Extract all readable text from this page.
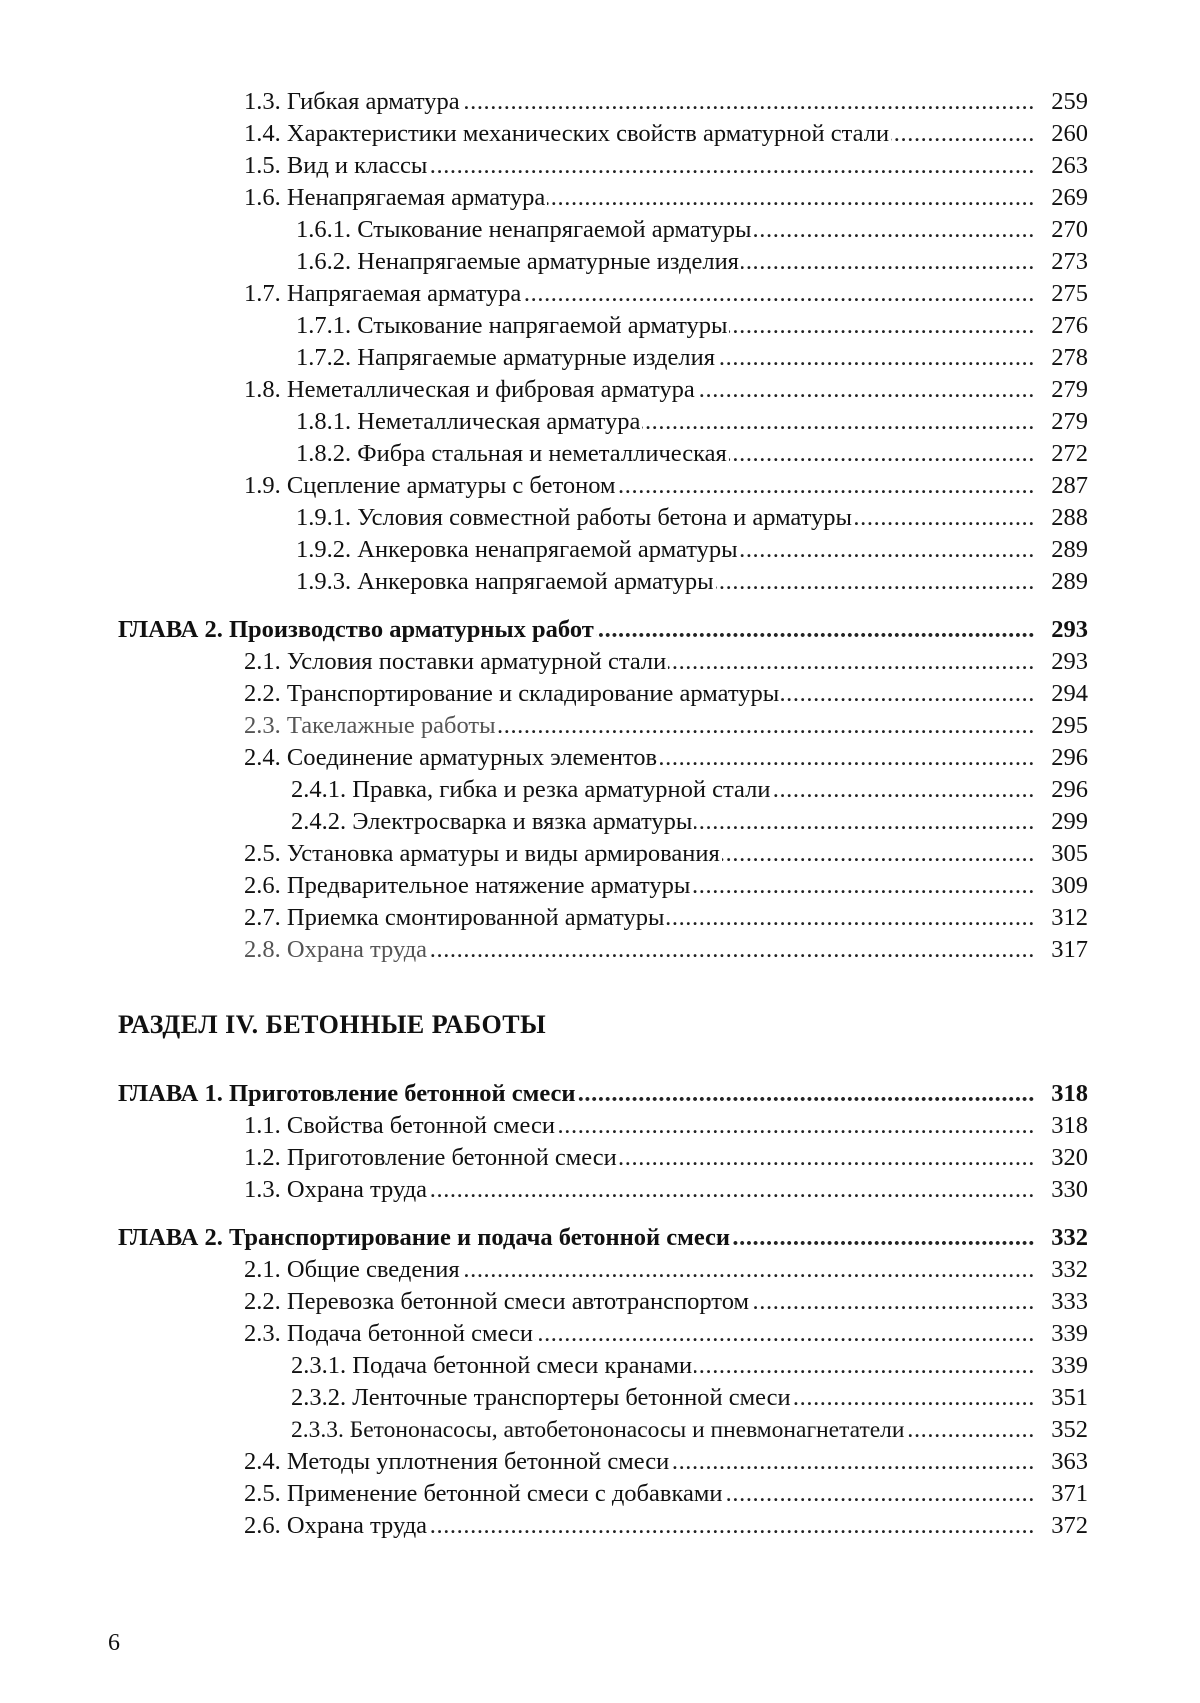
.....
1.3. Гибкая арматура	259
.....
1.4. Характеристики механических свойств арматурной стали	260
.....
1.5. Вид и классы	263
.....
1.6. Ненапрягаемая арматура	269
.....
1.6.1. Стыкование ненапрягаемой арматуры	270
.....
1.6.2. Ненапрягаемые арматурные изделия	273
.....
1.7. Напрягаемая арматура	275
.....
1.7.1. Стыкование напрягаемой арматуры	276
.....
1.7.2. Напрягаемые арматурные изделия	278
.....
1.8. Неметаллическая и фибровая арматура	279
.....
1.8.1. Неметаллическая арматура	279
.....
1.8.2. Фибра стальная и неметаллическая	272
.....
1.9. Сцепление арматуры с бетоном	287
.....
1.9.1. Условия совместной работы бетона и арматуры	288
.....
1.9.2. Анкеровка ненапрягаемой арматуры	289
.....
1.9.3. Анкеровка напрягаемой арматуры	289
.....
ГЛАВА 2. Производство арматурных работ	293
.....
2.1. Условия поставки арматурной стали	293
.....
2.2. Транспортирование и складирование арматуры	294
.....
2.3. Такелажные работы	295
.....
2.4. Соединение арматурных элементов	296
.....
2.4.1. Правка, гибка и резка арматурной стали	296
.....
2.4.2. Электросварка и вязка арматуры	299
.....
2.5. Установка арматуры и виды армирования	305
.....
2.6. Предварительное натяжение арматуры	309
.....
2.7. Приемка смонтированной арматуры	312
.....
2.8. Охрана труда	317
РАЗДЕЛ IV. БЕТОННЫЕ РАБОТЫ
.....
ГЛАВА 1. Приготовление бетонной смеси	318
.....
1.1. Свойства бетонной смеси	318
.....
1.2. Приготовление бетонной смеси	320
.....
1.3. Охрана труда	330
.....
ГЛАВА 2. Транспортирование и подача бетонной смеси	332
.....
2.1. Общие сведения	332
.....
2.2. Перевозка бетонной смеси автотранспортом	333
.....
2.3. Подача бетонной смеси	339
.....
2.3.1. Подача бетонной смеси кранами	339
.....
2.3.2. Ленточные транспортеры бетонной смеси	351
.....
2.3.3. Бетононасосы, автобетононасосы и пневмонагнетатели	352
.....
2.4. Методы уплотнения бетонной смеси	363
.....
2.5. Применение бетонной смеси с добавками	371
.....
2.6. Охрана труда	372
6
